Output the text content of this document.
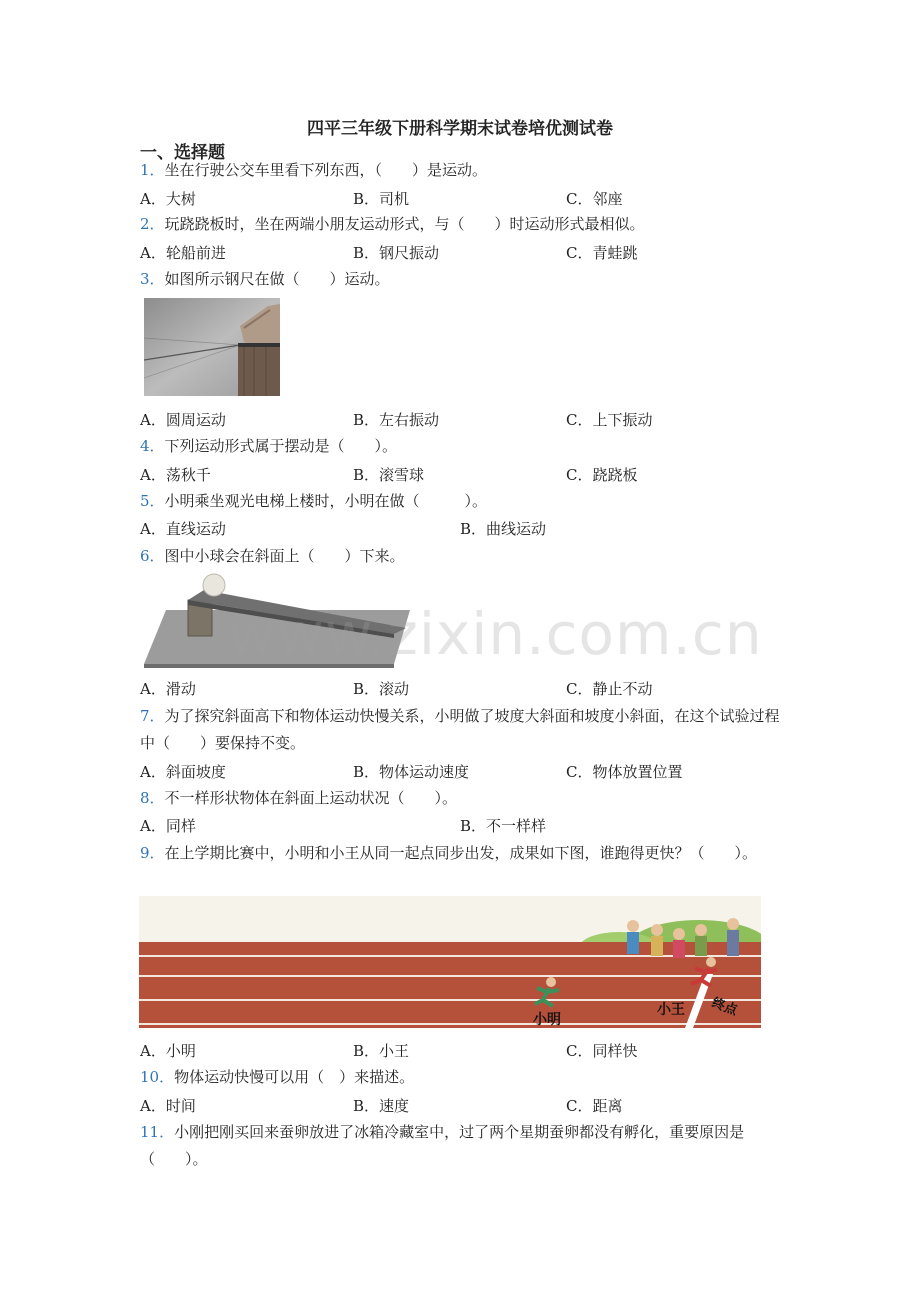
四平三年级下册科学期末试卷培优测试卷
一、选择题
1．坐在行驶公交车里看下列东西，（　　）是运动。
A．大树	B．司机	C．邻座
2．玩跷跷板时，坐在两端小朋友运动形式，与（　　）时运动形式最相似。
A．轮船前进	B．钢尺振动	C．青蛙跳
3．如图所示钢尺在做（　　）运动。
A．圆周运动	B．左右振动	C．上下振动
4．下列运动形式属于摆动是（　　）。
A．荡秋千	B．滚雪球	C．跷跷板
5．小明乘坐观光电梯上楼时，小明在做（　　　）。
A．直线运动	B．曲线运动
6．图中小球会在斜面上（　　）下来。
www.zixin.com.cn
A．滑动	B．滚动	C．静止不动
7．为了探究斜面高下和物体运动快慢关系，小明做了坡度大斜面和坡度小斜面，在这个试验过程中（　　）要保持不变。
A．斜面坡度	B．物体运动速度	C．物体放置位置
8．不一样形状物体在斜面上运动状况（　　）。
A．同样	B．不一样样
9．在上学期比赛中，小明和小王从同一起点同步出发，成果如下图，谁跑得更快？（　　）。
小明
小王 终点
A．小明	B．小王	C．同样快
10．物体运动快慢可以用（　）来描述。
A．时间	B．速度	C．距离
11．小刚把刚买回来蚕卵放进了冰箱冷藏室中，过了两个星期蚕卵都没有孵化，重要原因是（　　）。
